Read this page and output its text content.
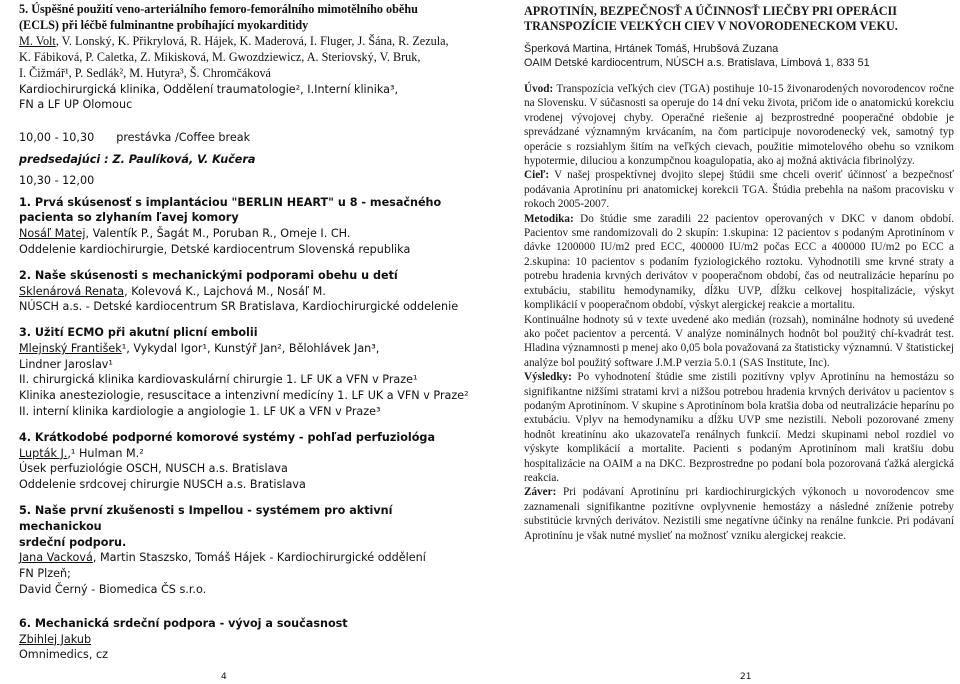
5. Úspěšné použití veno-arteriálního femoro-femorálního mimotělního oběhu
(ECLS) při léčbě fulminantne probíhající myokarditidy

M. Volt, V. Lonský, K. Přikrylová, R. Hájek, K. Maderová, I. Fluger, J. Šána, R. Zezula,
K. Fábiková, P. Caletka, Z. Mikisková, M. Gwozdziewicz, A. Steriovský, V. Bruk,
I. Čižmář¹, P. Sedlák², M. Hutyra³, Š. Chromčáková

Kardiochirurgická klinika, Oddělení traumatologie², I.Interní klinika³,
FN a LF UP Olomouc

10,00 - 10,30 prestávka /Coffee break

predsedajúci : Z. Paulíková, V. Kučera

10,30 - 12,00

1. Prvá skúsenosť s implantáciou "BERLIN HEART" u 8 - mesačného
pacienta so zlyhaním ľavej komory

Nosáľ Matej, Valentík P., Šagát M., Poruban R., Omeje I. CH.

Oddelenie kardiochirurgie, Detské kardiocentrum Slovenská republika

2. Naše skúsenosti s mechanickými podporami obehu u detí

Sklenárová Renata, Kolevová K., Lajchová M., Nosáľ M.

NÚSCH a.s. - Detské kardiocentrum SR Bratislava, Kardiochirurgické oddelenie

3. Užití ECMO při akutní plicní embolii

Mlejnský František¹, Vykydal Igor¹, Kunstýř Jan², Bělohlávek Jan³,
Lindner Jaroslav¹

II. chirurgická klinika kardiovaskulární chirurgie 1. LF UK a VFN v Praze¹
Klinika anesteziologie, resuscitace a intenzivní medicíny 1. LF UK a VFN v Praze²
II. interní klinika kardiologie a angiologie 1. LF UK a VFN v Praze³

4. Krátkodobé podporné komorové systémy - pohľad perfuziológa

Lupták J.,¹ Hulman M.²

Úsek perfuziológie OSCH, NUSCH a.s. Bratislava
Oddelenie srdcovej chirurgie NUSCH a.s. Bratislava

5. Naše první zkušenosti s Impellou - systémem pro aktivní mechanickou
srdeční podporu.

Jana Vacková, Martin Staszsko, Tomáš Hájek - Kardiochirurgické oddělení
FN Plzeň;
David Černý - Biomedica ČS s.r.o.

6. Mechanická srdeční podpora - vývoj a současnost

Zbihlej Jakub

Omnimedics, cz

4

APROTINÍN, BEZPEČNOSŤ A ÚČINNOSŤ LIEČBY PRI OPERÁCII
TRANSPOZÍCIE VEĽKÝCH CIEV V NOVORODENECKOM VEKU.

Šperková Martina, Hrtánek Tomáš, Hrubšová Zuzana
OAIM Detské kardiocentrum, NÚSCH a.s. Bratislava, Limbová 1, 833 51

Úvod: Transpozícia veľkých ciev (TGA) postihuje 10-15 živonarodených novorodencov ročne na Slovensku. V súčasnosti sa operuje do 14 dní veku života, pričom ide o anatomickú korekciu vrodenej vývojovej chyby. Operačné riešenie aj bezprostredné pooperačné obdobie je sprevádzané významným krvácaním, na čom participuje novorodenecký vek, samotný typ operácie s rozsiahlym šitím na veľkých cievach, použitie mimotelového obehu so vznikom hypotermie, diluciou a konzumpčnou koagulopatia, ako aj možná aktivácia fibrinolýzy.

Cieľ: V našej prospektívnej dvojito slepej štúdii sme chceli overiť účinnosť a bezpečnosť podávania Aprotinínu pri anatomickej korekcii TGA. Štúdia prebehla na našom pracovisku v rokoch 2005-2007.

Metodika: Do štúdie sme zaradili 22 pacientov operovaných v DKC v danom období. Pacientov sme randomizovali do 2 skupín: 1.skupina: 12 pacientov s podaným Aprotinínom v dávke 1200000 IU/m2 pred ECC, 400000 IU/m2 počas ECC a 400000 IU/m2 po ECC a 2.skupina: 10 pacientov s podaním fyziologického roztoku. Vyhodnotili sme krvné straty a potrebu hradenia krvných derivátov v pooperačnom období, čas od neutralizácie heparínu po extubáciu, stabilitu hemodynamiky, dĺžku UVP, dĺžku celkovej hospitalizácie, výskyt komplikácií v pooperačnom období, výskyt alergickej reakcie a mortalitu.

Kontinuálne hodnoty sú v texte uvedené ako medián (rozsah), nominálne hodnoty sú uvedené ako počet pacientov a percentá. V analýze nominálnych hodnôt bol použitý chí-kvadrát test. Hladina významnosti p menej ako 0,05 bola považovaná za štatisticky významnú. V štatistickej analýze bol použitý software J.M.P verzia 5.0.1 (SAS Institute, Inc).

Výsledky: Po vyhodnotení štúdie sme zistili pozitívny vplyv Aprotinínu na hemostázu so signifikantne nižšími stratami krvi a nižšou potrebou hradenia krvných derivátov u pacientov s podaným Aprotinínom. V skupine s Aprotinínom bola kratšia doba od neutralizácie heparínu po extubáciu. Vplyv na hemodynamiku a dĺžku UVP sme nezistili. Neboli pozorované zmeny hodnôt kreatinínu ako ukazovateľa renálnych funkcií. Medzi skupinami nebol rozdiel vo výskyte komplikácií a mortalite. Pacienti s podaným Aprotinínom mali kratšiu dobu hospitalizácie na OAIM a na DKC. Bezprostredne po podaní bola pozorovaná ťažká alergická reakcia.

Záver: Pri podávaní Aprotinínu pri kardiochirurgických výkonoch u novorodencov sme zaznamenali signifikantne pozitívne ovplyvnenie hemostázy a následné zníženie potreby substitúcie krvných derivátov. Nezistili sme negatívne účinky na renálne funkcie. Pri podávaní Aprotinínu je však nutné myslieť na možnosť vzniku alergickej reakcie.

21
